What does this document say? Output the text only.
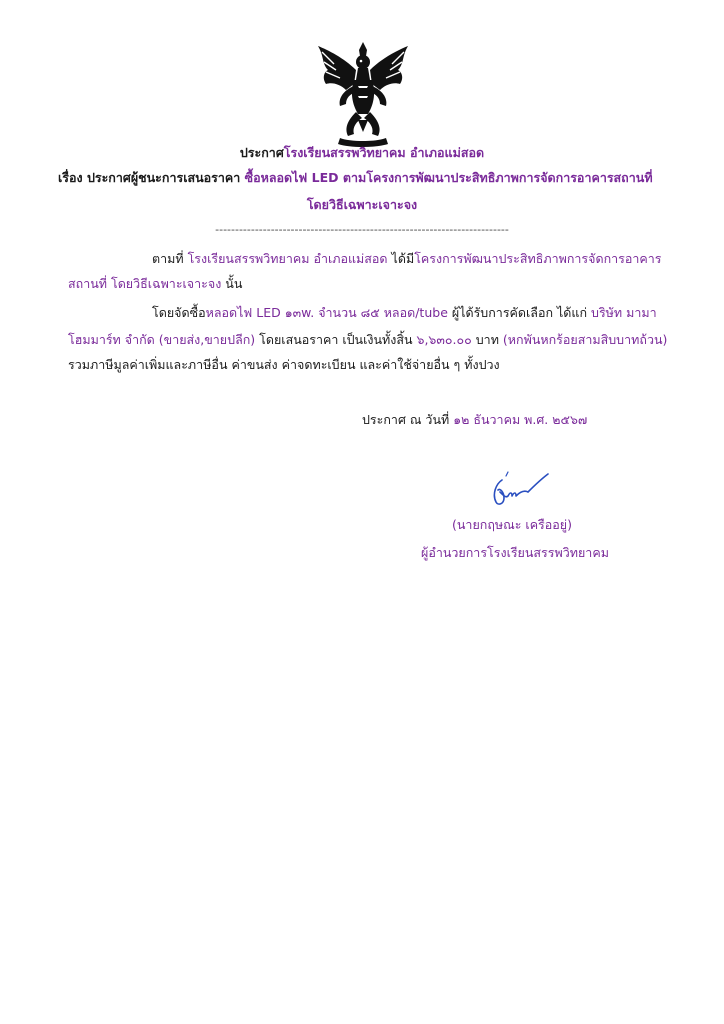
ประกาศโรงเรียนสรรพวิทยาคม อำเภอแม่สอด
เรื่อง ประกาศผู้ชนะการเสนอราคา ซื้อหลอดไฟ LED ตามโครงการพัฒนาประสิทธิภาพการจัดการอาคารสถานที่
โดยวิธีเฉพาะเจาะจง
--------------------------------------------------------------------------
ตามที่ โรงเรียนสรรพวิทยาคม อำเภอแม่สอด ได้มีโครงการพัฒนาประสิทธิภาพการจัดการอาคาร
สถานที่ โดยวิธีเฉพาะเจาะจง นั้น
โดยจัดซื้อหลอดไฟ LED ๑๓w. จำนวน ๘๕ หลอด/tube ผู้ได้รับการคัดเลือก ได้แก่ บริษัท มามา
โฮมมาร์ท จำกัด (ขายส่ง,ขายปลีก) โดยเสนอราคา เป็นเงินทั้งสิ้น ๖,๖๓๐.๐๐ บาท (หกพันหกร้อยสามสิบบาทถ้วน)
รวมภาษีมูลค่าเพิ่มและภาษีอื่น ค่าขนส่ง ค่าจดทะเบียน และค่าใช้จ่ายอื่น ๆ ทั้งปวง
ประกาศ ณ วันที่ ๑๒ ธันวาคม พ.ศ. ๒๕๖๗
(นายกฤษณะ เครืออยู่)
ผู้อำนวยการโรงเรียนสรรพวิทยาคม
